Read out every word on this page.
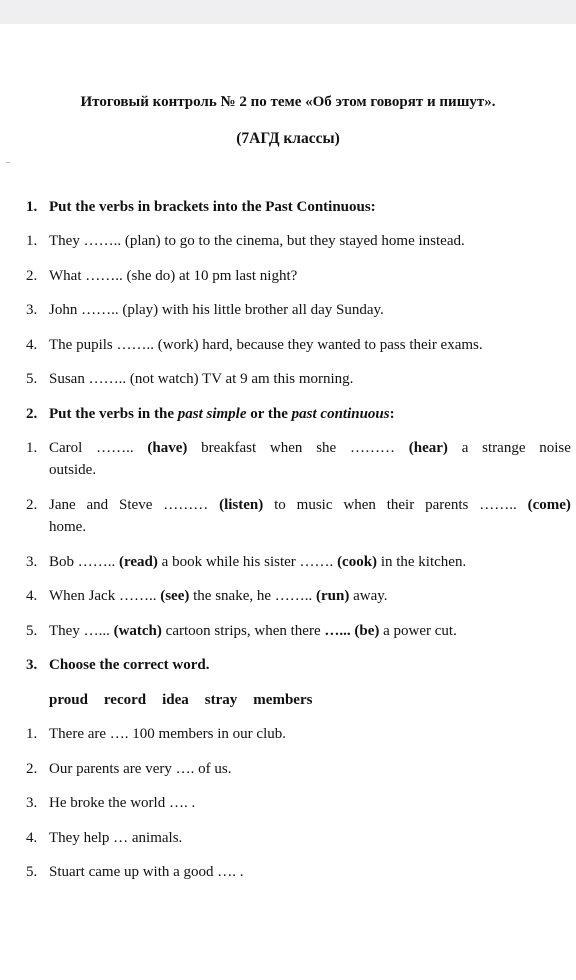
Итоговый контроль № 2 по теме «Об этом говорят и пишут».
(7АГД классы)
1. Put the verbs in brackets into the Past Continuous:
1. They …….. (plan) to go to the cinema, but they stayed home instead.
2. What …….. (she do) at 10 pm last night?
3. John …….. (play) with his little brother all day Sunday.
4. The pupils …….. (work) hard, because they wanted to pass their exams.
5. Susan …….. (not watch) TV at 9 am this morning.
2. Put the verbs in the past simple or the past continuous:
1. Carol …….. (have) breakfast when she ……… (hear) a strange noise
outside.
2. Jane and Steve ……… (listen) to music when their parents …….. (come)
home.
3. Bob …….. (read) a book while his sister ……. (cook) in the kitchen.
4. When Jack …….. (see) the snake, he …….. (run) away.
5. They …... (watch) cartoon strips, when there …... (be) a power cut.
3. Choose the correct word.
proud record idea stray members
1. There are …. 100 members in our club.
2. Our parents are very …. of us.
3. He broke the world …. .
4. They help … animals.
5. Stuart came up with a good …. .
